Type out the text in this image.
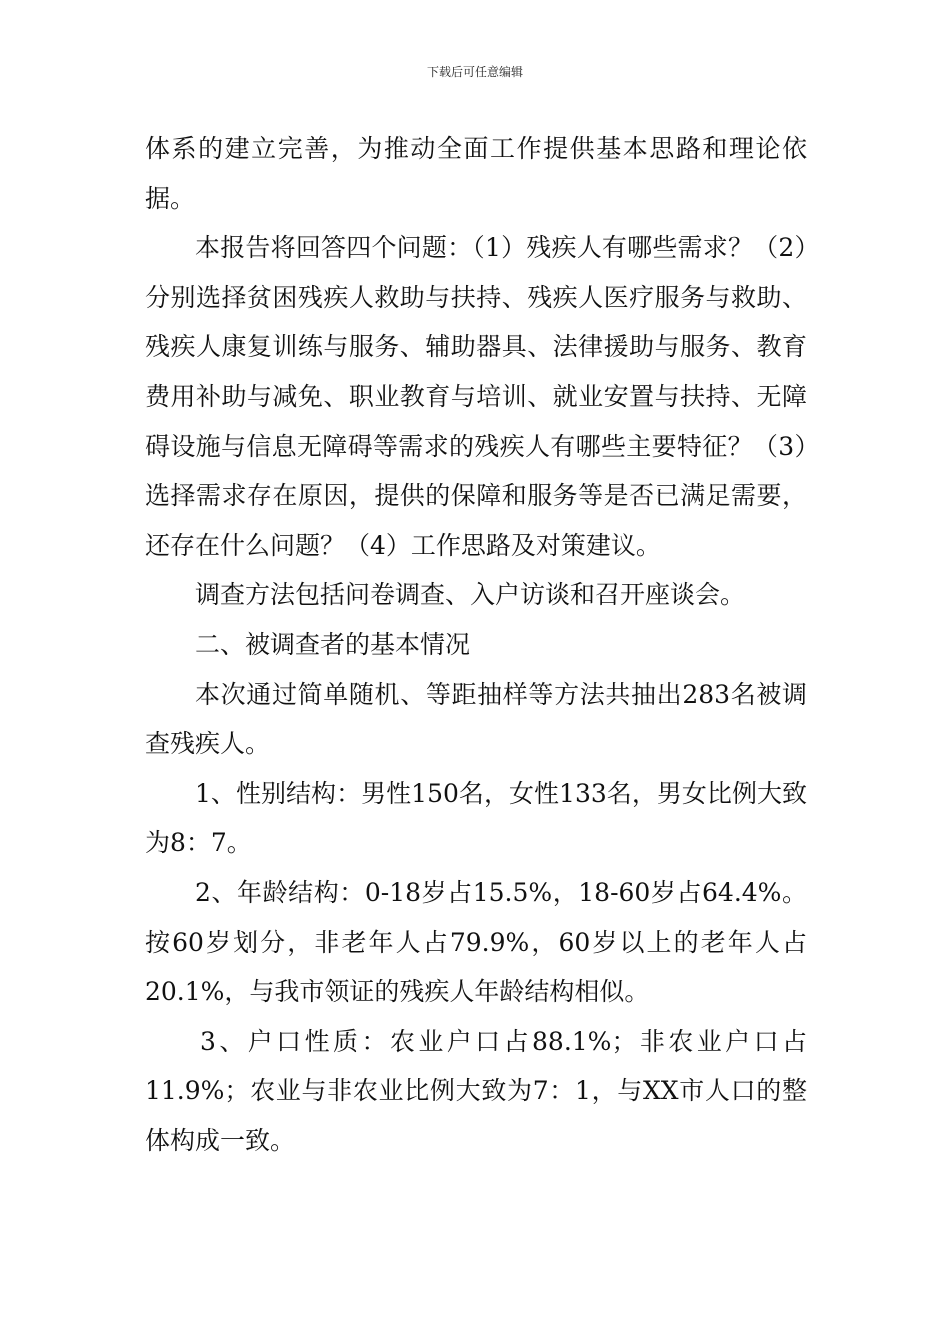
下载后可任意编辑

体系的建立完善，为推动全面工作提供基本思路和理论依据。

本报告将回答四个问题：（1）残疾人有哪些需求？（2）分别选择贫困残疾人救助与扶持、残疾人医疗服务与救助、残疾人康复训练与服务、辅助器具、法律援助与服务、教育费用补助与减免、职业教育与培训、就业安置与扶持、无障碍设施与信息无障碍等需求的残疾人有哪些主要特征？（3）选择需求存在原因，提供的保障和服务等是否已满足需要，还存在什么问题？（4）工作思路及对策建议。

调查方法包括问卷调查、入户访谈和召开座谈会。

二、被调查者的基本情况

本次通过简单随机、等距抽样等方法共抽出283名被调查残疾人。

1、性别结构：男性150名，女性133名，男女比例大致为8：7。

2、年龄结构：0-18岁占15.5%，18-60岁占64.4%。按60岁划分，非老年人占79.9%，60岁以上的老年人占20.1%，与我市领证的残疾人年龄结构相似。

3、户口性质：农业户口占88.1%；非农业户口占11.9%；农业与非农业比例大致为7：1，与XX市人口的整体构成一致。
